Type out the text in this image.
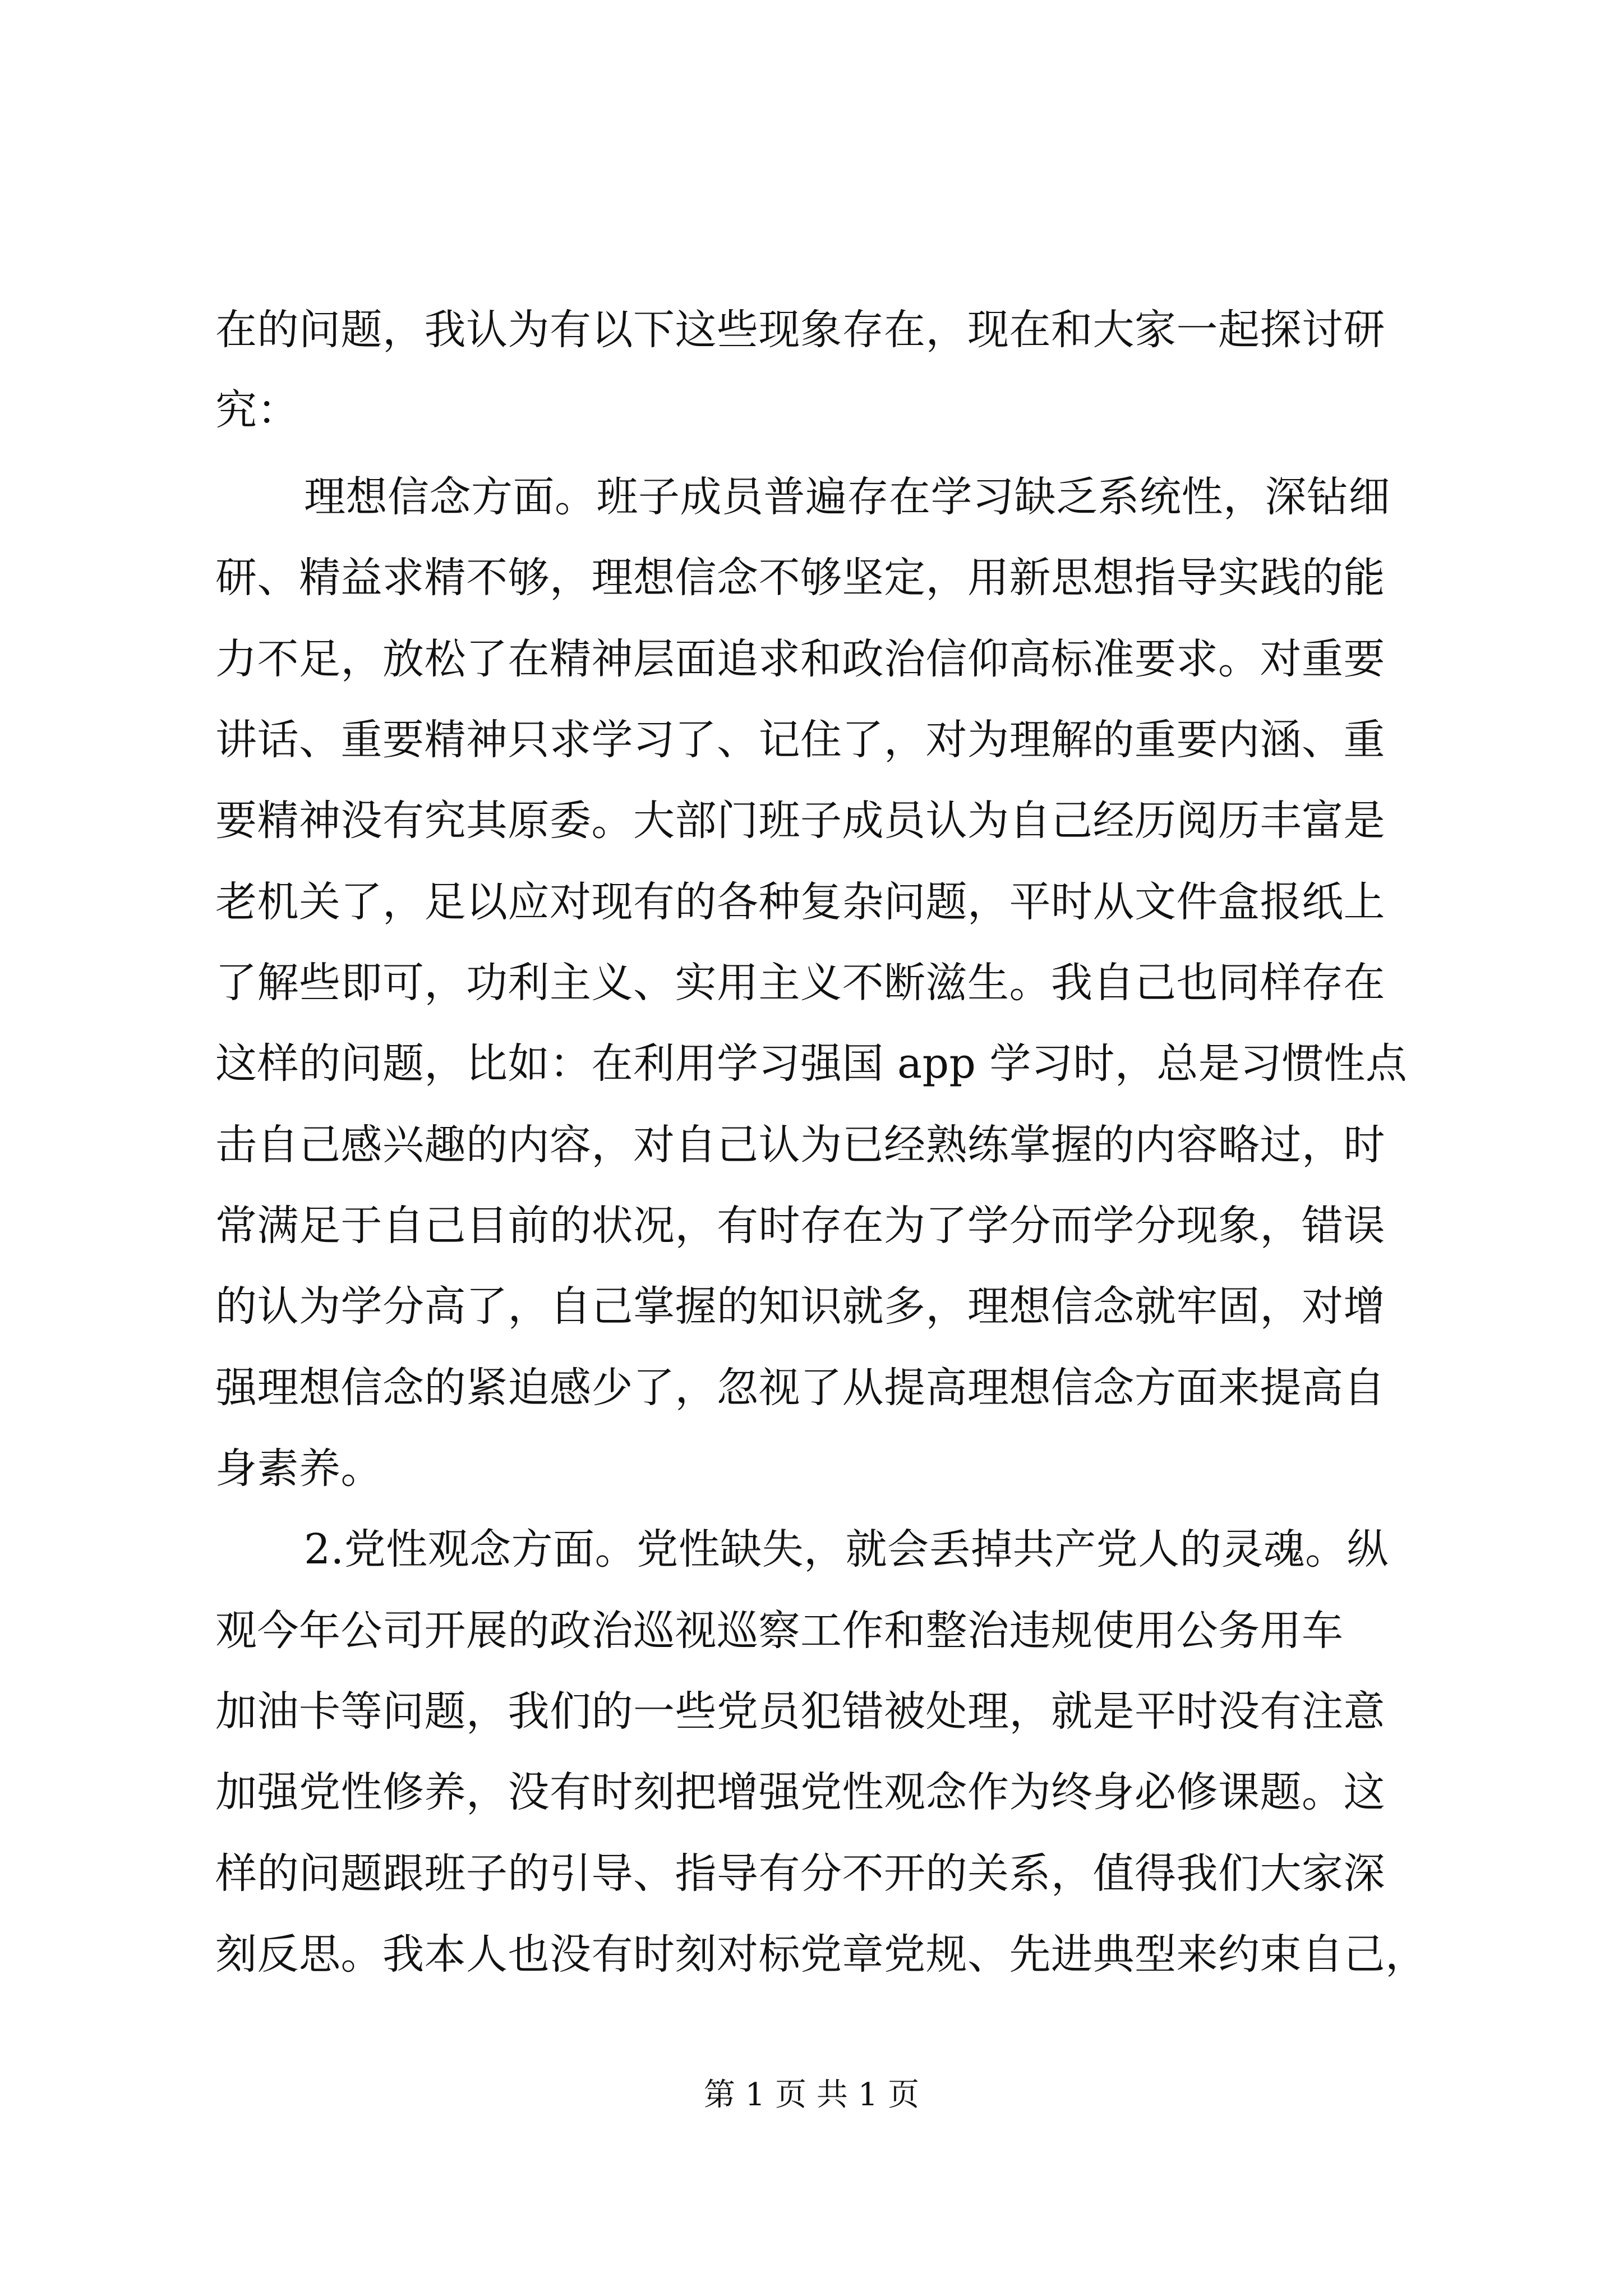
在的问题，我认为有以下这些现象存在，现在和大家一起探讨研
究：
理想信念方面。班子成员普遍存在学习缺乏系统性，深钻细
研、精益求精不够，理想信念不够坚定，用新思想指导实践的能
力不足，放松了在精神层面追求和政治信仰高标准要求。对重要
讲话、重要精神只求学习了、记住了，对为理解的重要内涵、重
要精神没有究其原委。大部门班子成员认为自己经历阅历丰富是
老机关了，足以应对现有的各种复杂问题，平时从文件盒报纸上
了解些即可，功利主义、实用主义不断滋生。我自己也同样存在
这样的问题，比如：在利用学习强国 app 学习时，总是习惯性点
击自己感兴趣的内容，对自己认为已经熟练掌握的内容略过，时
常满足于自己目前的状况，有时存在为了学分而学分现象，错误
的认为学分高了，自己掌握的知识就多，理想信念就牢固，对增
强理想信念的紧迫感少了，忽视了从提高理想信念方面来提高自
身素养。
2.党性观念方面。党性缺失，就会丢掉共产党人的灵魂。纵
观今年公司开展的政治巡视巡察工作和整治违规使用公务用车
加油卡等问题，我们的一些党员犯错被处理，就是平时没有注意
加强党性修养，没有时刻把增强党性观念作为终身必修课题。这
样的问题跟班子的引导、指导有分不开的关系，值得我们大家深
刻反思。我本人也没有时刻对标党章党规、先进典型来约束自己，
第 1 页 共 1 页
